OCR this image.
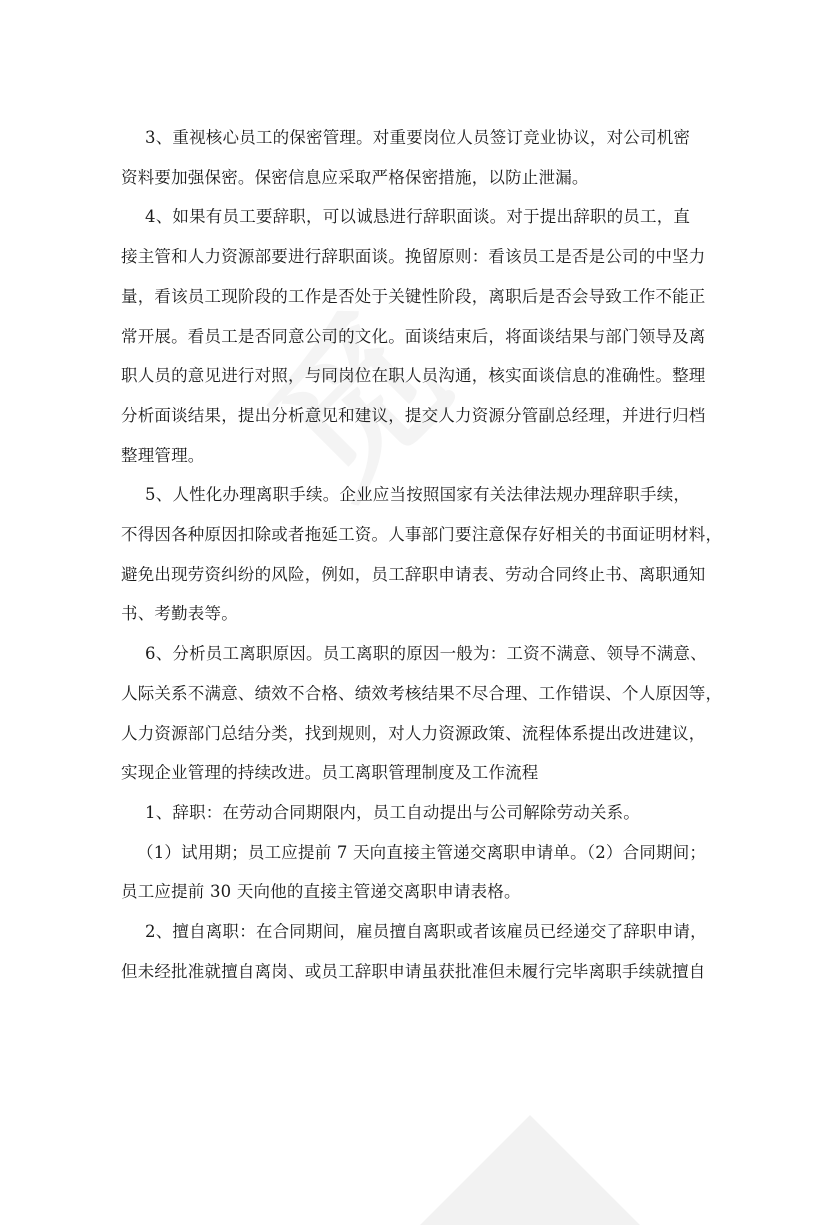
3、重视核心员工的保密管理。对重要岗位人员签订竞业协议，对公司机密
资料要加强保密。保密信息应采取严格保密措施，以防止泄漏。
4、如果有员工要辞职，可以诚恳进行辞职面谈。对于提出辞职的员工，直
接主管和人力资源部要进行辞职面谈。挽留原则：看该员工是否是公司的中坚力
量，看该员工现阶段的工作是否处于关键性阶段，离职后是否会导致工作不能正
常开展。看员工是否同意公司的文化。面谈结束后，将面谈结果与部门领导及离
职人员的意见进行对照，与同岗位在职人员沟通，核实面谈信息的准确性。整理
分析面谈结果，提出分析意见和建议，提交人力资源分管副总经理，并进行归档
整理管理。
5、人性化办理离职手续。企业应当按照国家有关法律法规办理辞职手续，
不得因各种原因扣除或者拖延工资。人事部门要注意保存好相关的书面证明材料，
避免出现劳资纠纷的风险，例如，员工辞职申请表、劳动合同终止书、离职通知
书、考勤表等。
6、分析员工离职原因。员工离职的原因一般为：工资不满意、领导不满意、
人际关系不满意、绩效不合格、绩效考核结果不尽合理、工作错误、个人原因等，
人力资源部门总结分类，找到规则，对人力资源政策、流程体系提出改进建议，
实现企业管理的持续改进。员工离职管理制度及工作流程
1、辞职：在劳动合同期限内，员工自动提出与公司解除劳动关系。
（1）试用期；员工应提前 7 天向直接主管递交离职申请单。（2）合同期间；
员工应提前 30 天向他的直接主管递交离职申请表格。
2、擅自离职：在合同期间，雇员擅自离职或者该雇员已经递交了辞职申请，
但未经批准就擅自离岗、或员工辞职申请虽获批准但未履行完毕离职手续就擅自
